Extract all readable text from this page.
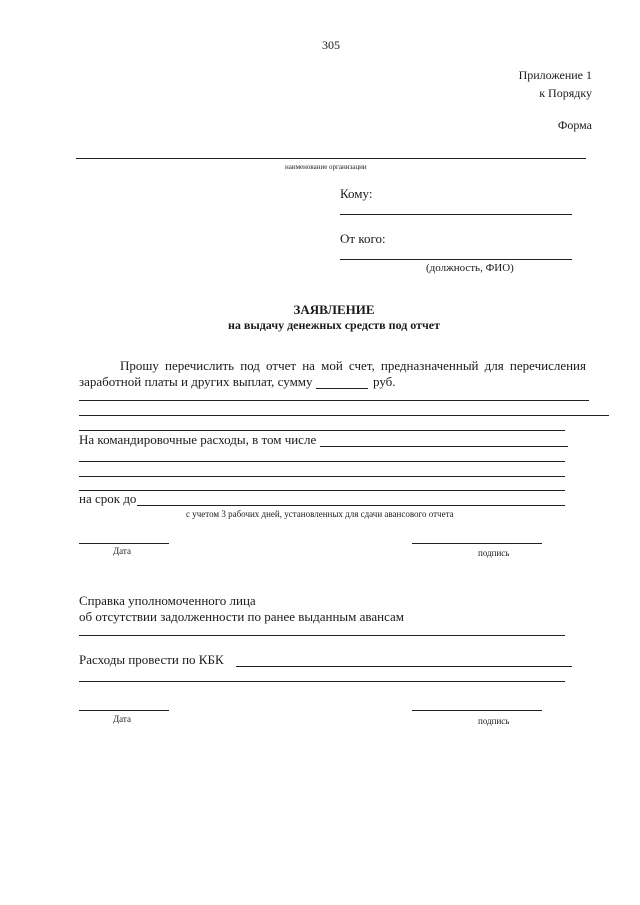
305
Приложение 1
к Порядку
Форма
наименование организации
Кому:
От кого:
(должность, ФИО)
ЗАЯВЛЕНИЕ
на выдачу денежных средств под отчет
Прошу перечислить под отчет на мой счет, предназначенный для перечисления
заработной платы и других выплат, сумму	руб.
На командировочные расходы, в том числе
на срок до
с учетом 3 рабочих дней, установленных для сдачи авансового отчета
Дата	подпись
Справка уполномоченного лица
об отсутствии задолженности по ранее выданным авансам
Расходы провести по КБК
Дата	подпись
